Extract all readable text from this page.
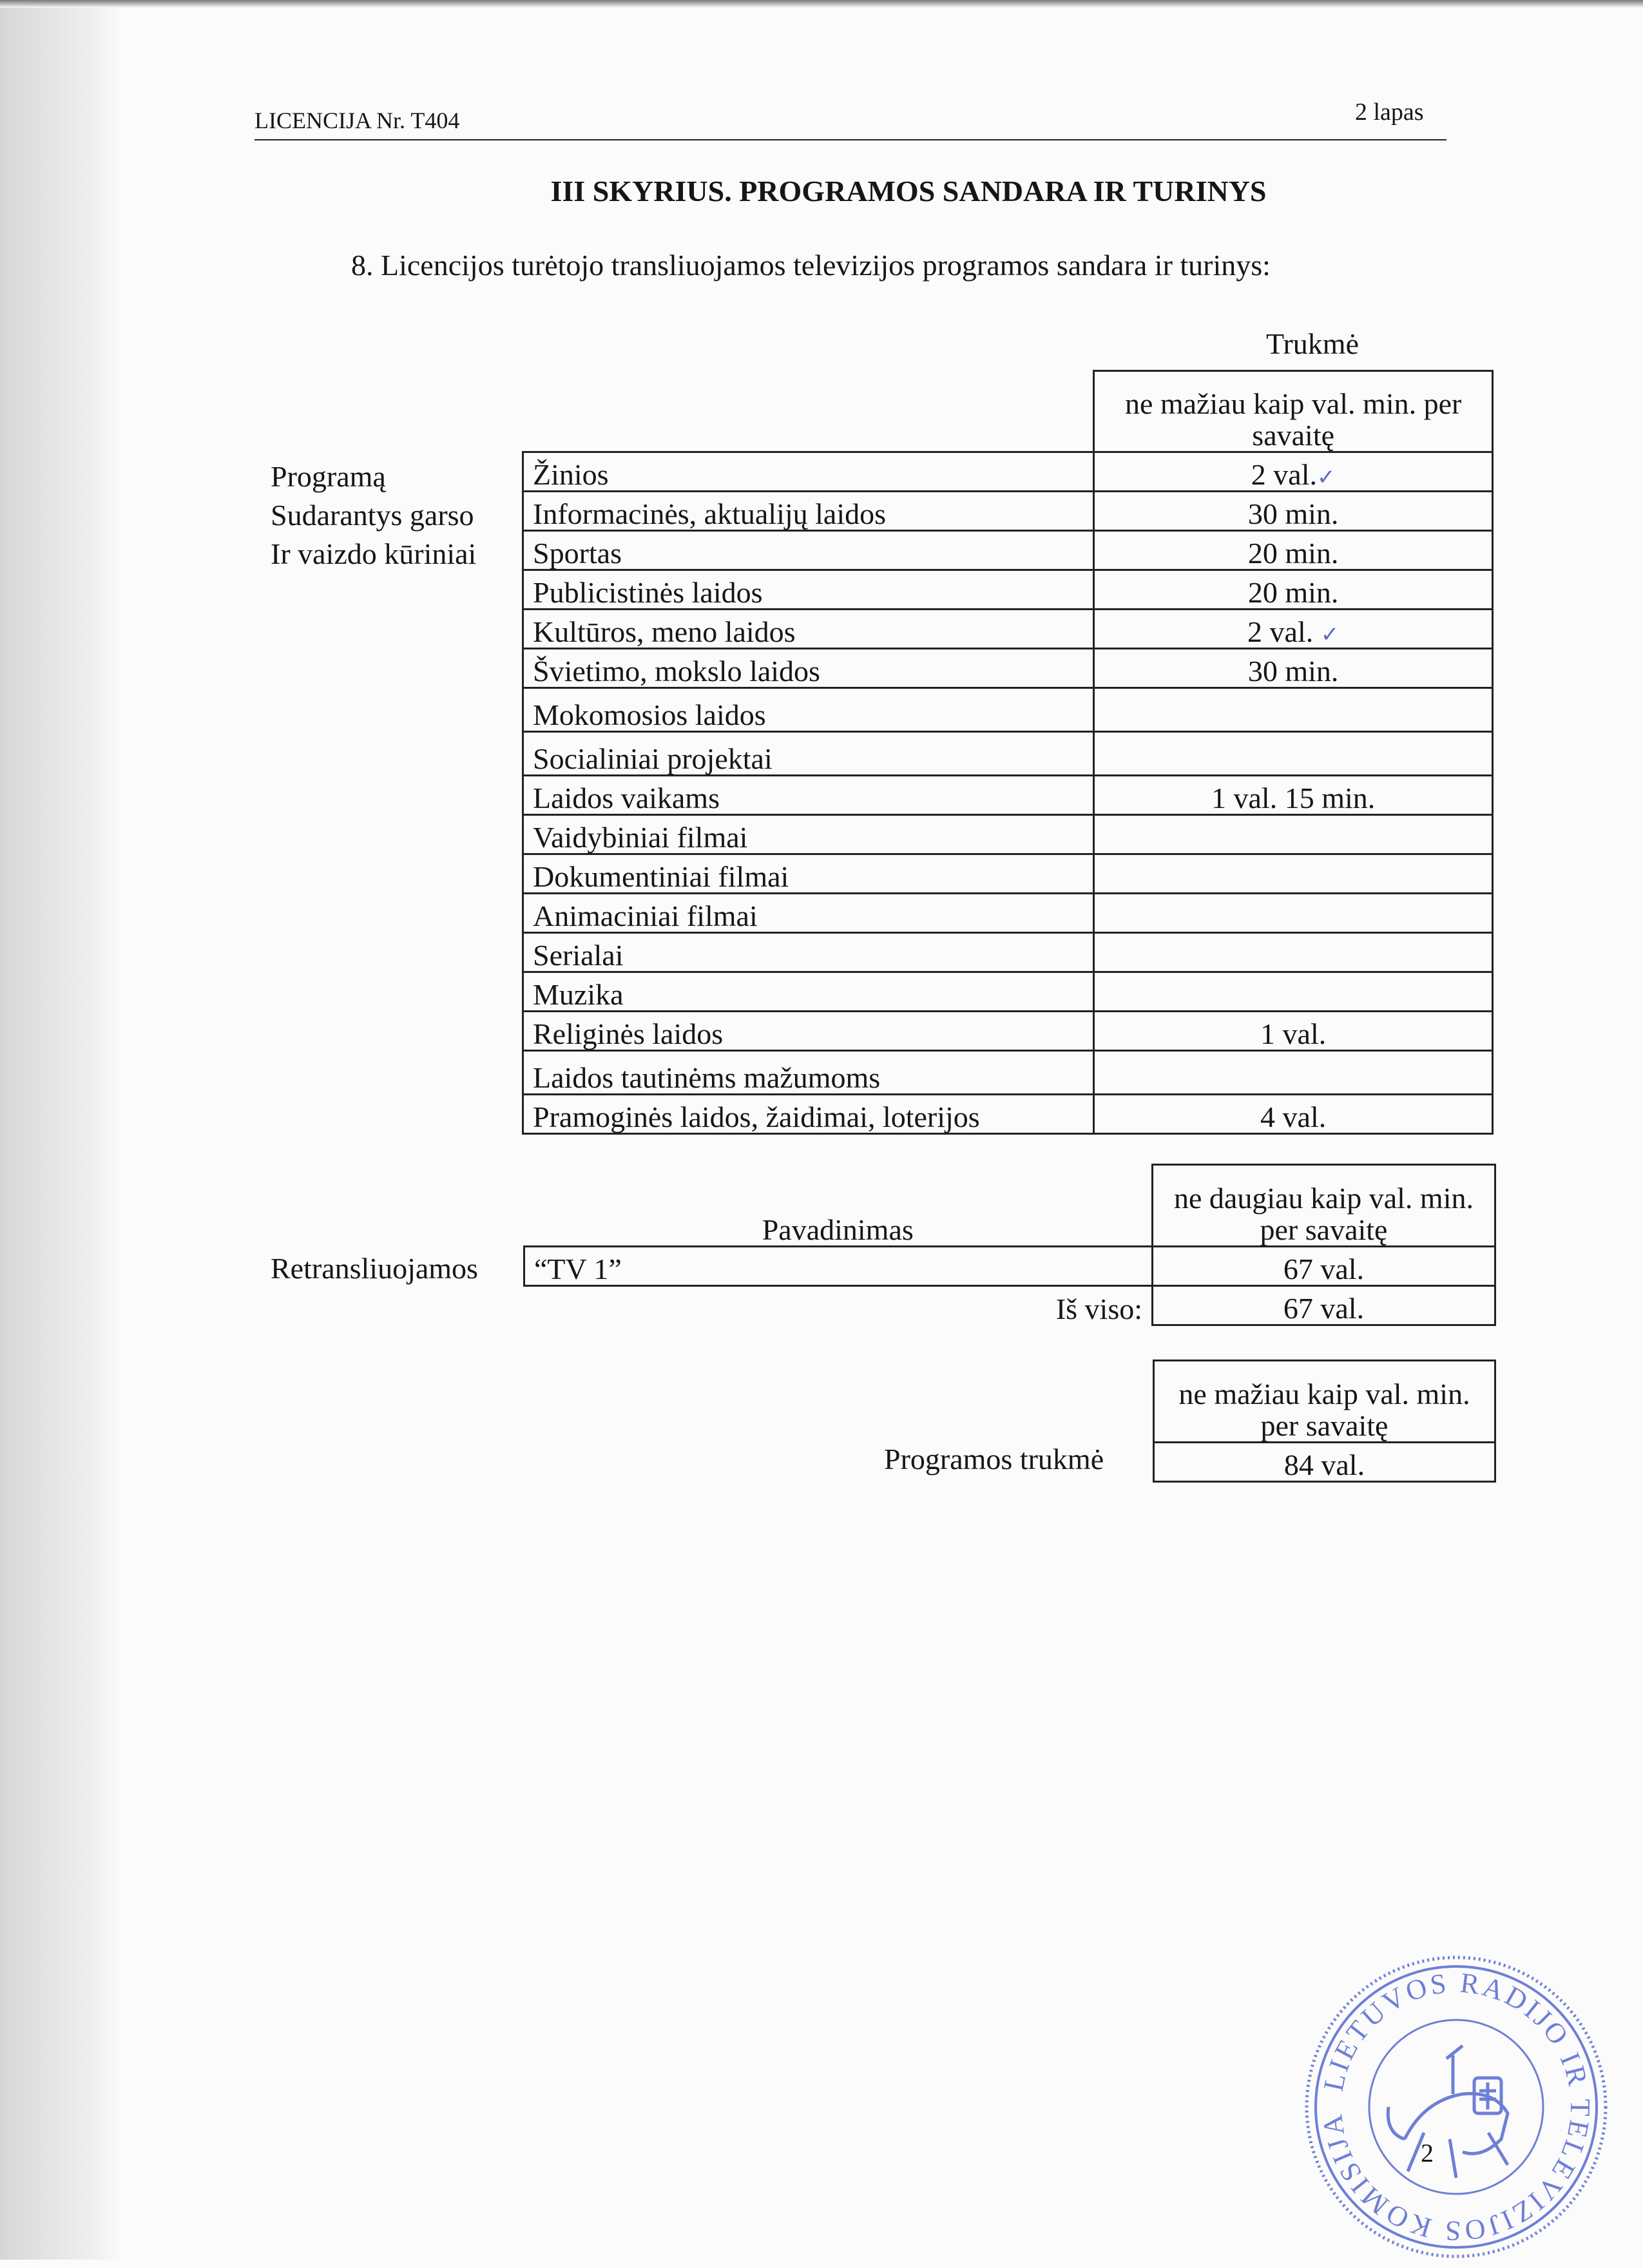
LICENCIJA Nr. T404	2 lapas
III SKYRIUS. PROGRAMOS SANDARA IR TURINYS
8. Licencijos turėtojo transliuojamos televizijos programos sandara ir turinys:
Trukmė
Programą
Sudarantys garso
Ir vaizdo kūriniai
	ne mažiau kaip val. min. per savaitę
Žinios	2 val.✓
Informacinės, aktualijų laidos	30 min.
Sportas	20 min.
Publicistinės laidos	20 min.
Kultūros, meno laidos	2 val. ✓
Švietimo, mokslo laidos	30 min.
Mokomosios laidos	
Socialiniai projektai	
Laidos vaikams	1 val. 15 min.
Vaidybiniai filmai	
Dokumentiniai filmai	
Animaciniai filmai	
Serialai	
Muzika	
Religinės laidos	1 val.
Laidos tautinėms mažumoms	
Pramoginės laidos, žaidimai, loterijos	4 val.
Retransliuojamos
Pavadinimas	ne daugiau kaip val. min. per savaitę
“TV 1”	67 val.
Iš viso:	67 val.
Programos trukmė
ne mažiau kaip val. min. per savaitę
84 val.
LIETUVOS RADIJO IR TELEVIZIJOS KOMISIJA
2
